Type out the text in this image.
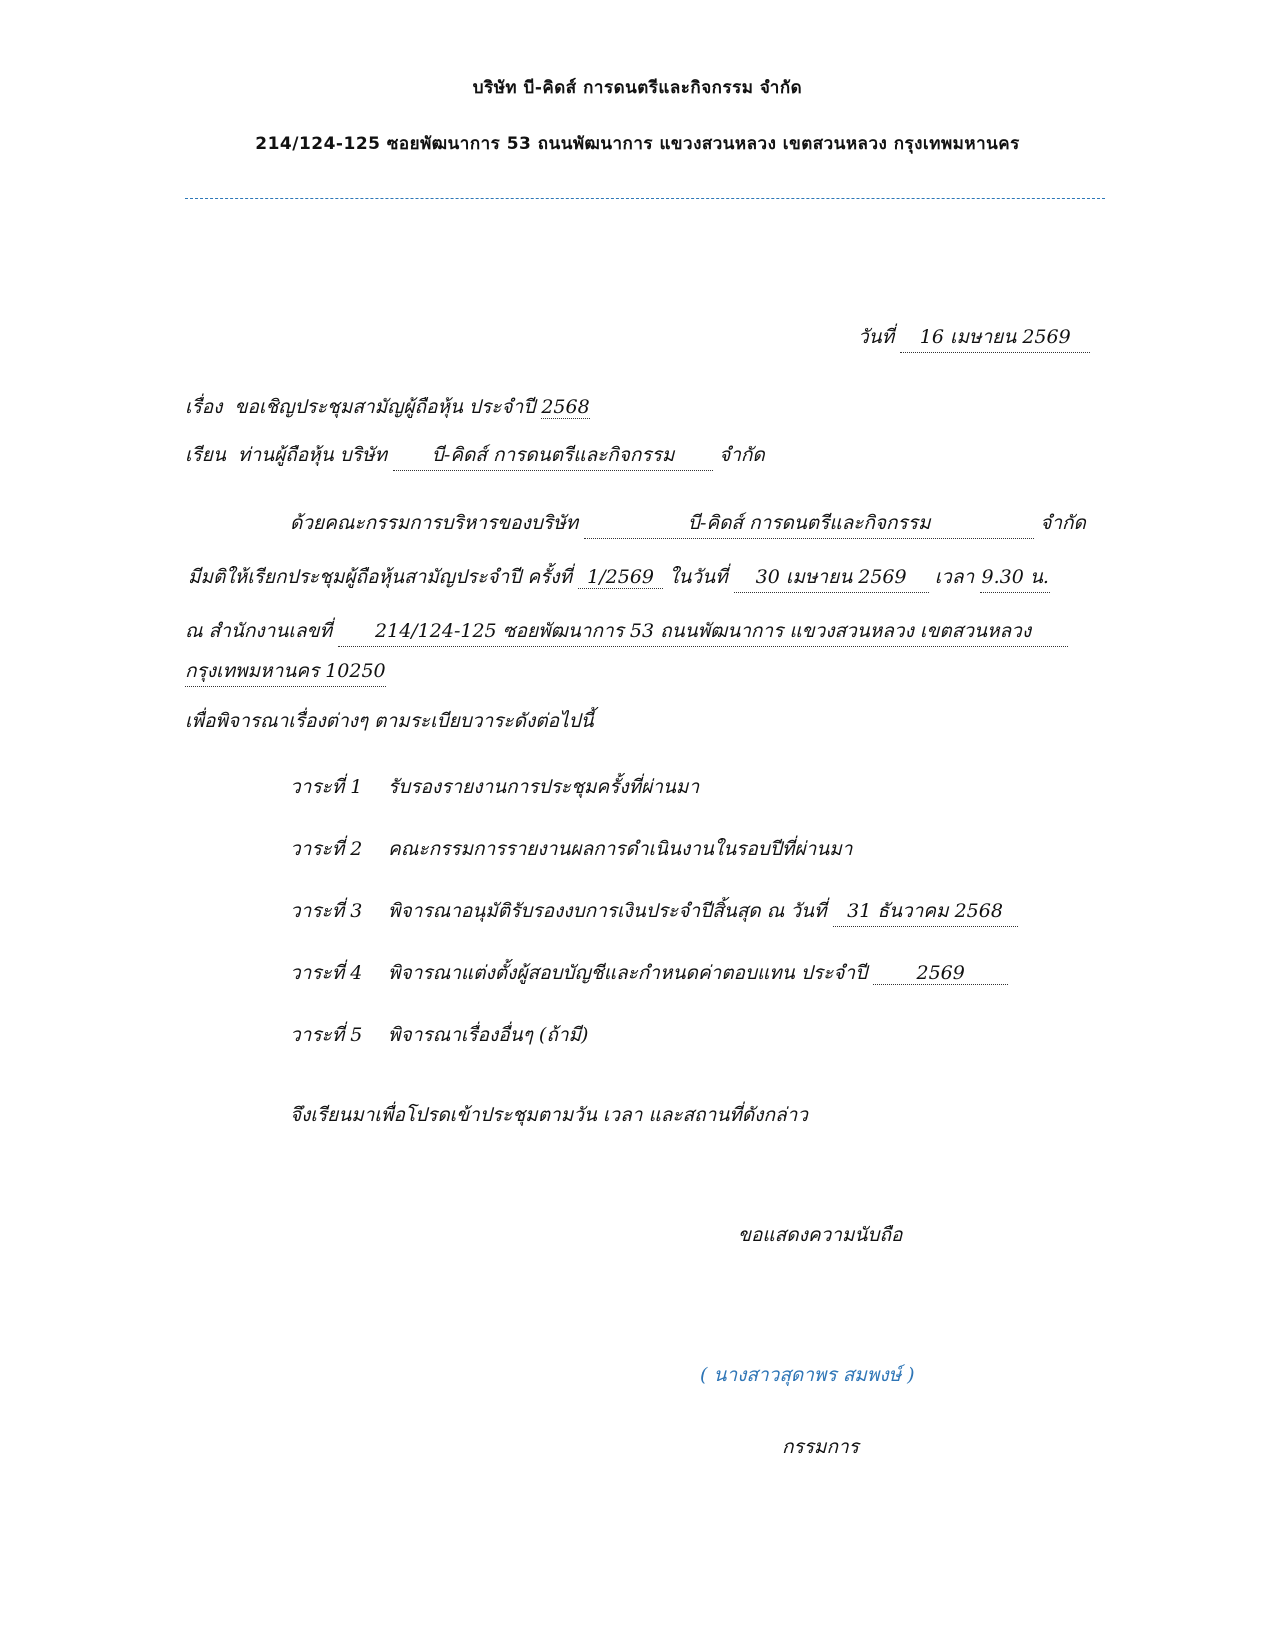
บริษัท บี-คิดส์ การดนตรีและกิจกรรม จำกัด
214/124-125 ซอยพัฒนาการ 53 ถนนพัฒนาการ แขวงสวนหลวง เขตสวนหลวง กรุงเทพมหานคร
วันที่ 16 เมษายน 2569
เรื่อง ขอเชิญประชุมสามัญผู้ถือหุ้น ประจำปี 2568
เรียน ท่านผู้ถือหุ้น บริษัท บี-คิดส์ การดนตรีและกิจกรรม จำกัด
ด้วยคณะกรรมการบริหารของบริษัท	บี-คิดส์ การดนตรีและกิจกรรม	จำกัด
มีมติให้เรียกประชุมผู้ถือหุ้นสามัญประจำปี ครั้งที่ 1/2569 ในวันที่ 30 เมษายน 2569 เวลา 9.30 น.
ณ สำนักงานเลขที่ 214/124-125 ซอยพัฒนาการ 53 ถนนพัฒนาการ แขวงสวนหลวง เขตสวนหลวง
กรุงเทพมหานคร 10250
เพื่อพิจารณาเรื่องต่างๆ ตามระเบียบวาระดังต่อไปนี้
วาระที่ 1 รับรองรายงานการประชุมครั้งที่ผ่านมา
วาระที่ 2 คณะกรรมการรายงานผลการดำเนินงานในรอบปีที่ผ่านมา
วาระที่ 3 พิจารณาอนุมัติรับรองงบการเงินประจำปีสิ้นสุด ณ วันที่ 31 ธันวาคม 2568
วาระที่ 4 พิจารณาแต่งตั้งผู้สอบบัญชีและกำหนดค่าตอบแทน ประจำปี	2569
วาระที่ 5 พิจารณาเรื่องอื่นๆ (ถ้ามี)
จึงเรียนมาเพื่อโปรดเข้าประชุมตามวัน เวลา และสถานที่ดังกล่าว
ขอแสดงความนับถือ
( นางสาวสุดาพร สมพงษ์ )
กรรมการ
